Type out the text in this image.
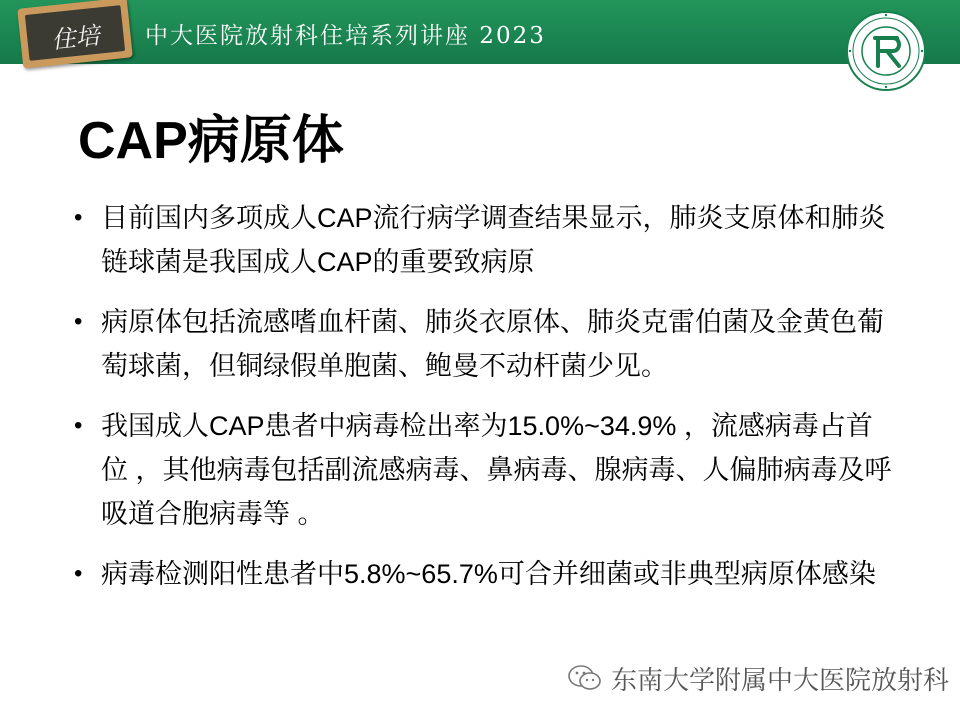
住培	中大医院放射科住培系列讲座 2023
CAP病原体
• 目前国内多项成人CAP流行病学调查结果显示，肺炎支原体和肺炎链球菌是我国成人CAP的重要致病原
• 病原体包括流感嗜血杆菌、肺炎衣原体、肺炎克雷伯菌及金黄色葡萄球菌，但铜绿假单胞菌、鲍曼不动杆菌少见。
• 我国成人CAP患者中病毒检出率为15.0%~34.9% ，流感病毒占首位 ，其他病毒包括副流感病毒、鼻病毒、腺病毒、人偏肺病毒及呼吸道合胞病毒等 。
• 病毒检测阳性患者中5.8%~65.7%可合并细菌或非典型病原体感染
东南大学附属中大医院放射科
